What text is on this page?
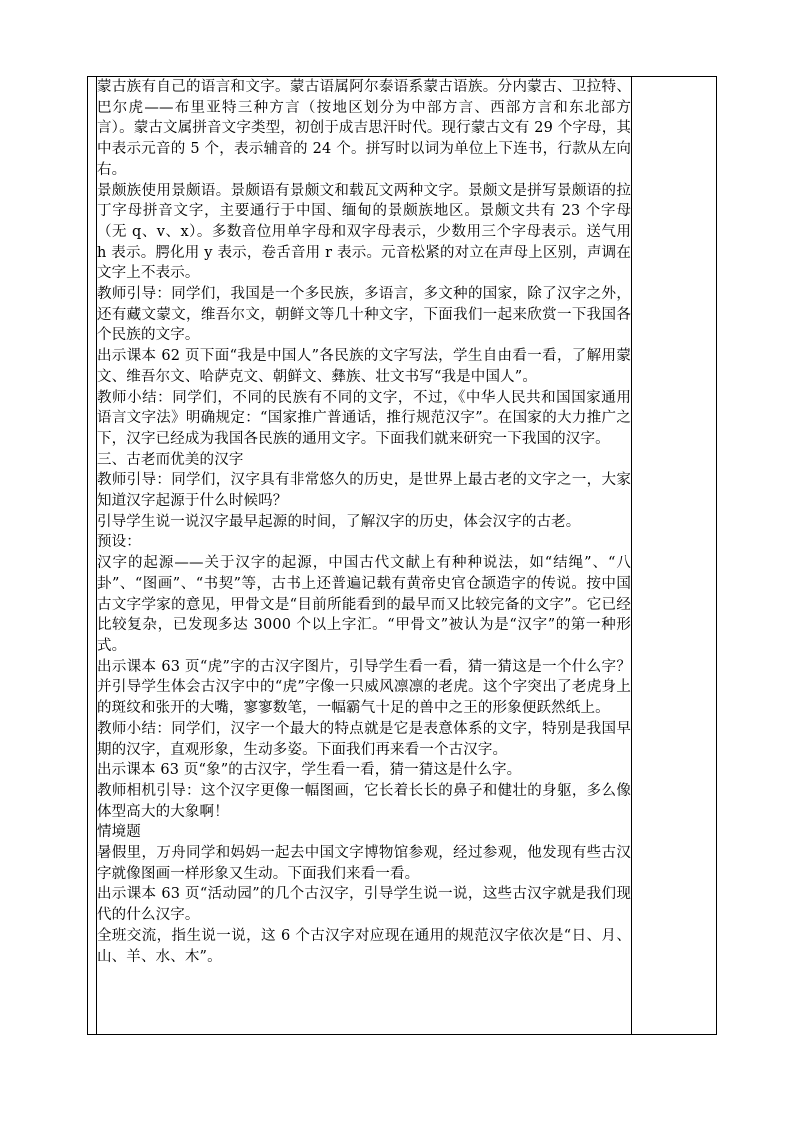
蒙古族有自己的语言和文字。蒙古语属阿尔泰语系蒙古语族。分内蒙古、卫拉特、巴尔虎——布里亚特三种方言（按地区划分为中部方言、西部方言和东北部方言）。蒙古文属拼音文字类型，初创于成吉思汗时代。现行蒙古文有 29 个字母，其中表示元音的 5 个，表示辅音的 24 个。拼写时以词为单位上下连书，行款从左向右。

景颇族使用景颇语。景颇语有景颇文和载瓦文两种文字。景颇文是拼写景颇语的拉丁字母拼音文字，主要通行于中国、缅甸的景颇族地区。景颇文共有 23 个字母（无 q、v、x）。多数音位用单字母和双字母表示，少数用三个字母表示。送气用 h 表示。腭化用 y 表示，卷舌音用 r 表示。元音松紧的对立在声母上区别，声调在文字上不表示。

教师引导：同学们，我国是一个多民族，多语言，多文种的国家，除了汉字之外，还有藏文蒙文，维吾尔文，朝鲜文等几十种文字，下面我们一起来欣赏一下我国各个民族的文字。

出示课本 62 页下面“我是中国人”各民族的文字写法，学生自由看一看，了解用蒙文、维吾尔文、哈萨克文、朝鲜文、彝族、壮文书写“我是中国人”。

教师小结：同学们，不同的民族有不同的文字，不过，《中华人民共和国国家通用语言文字法》明确规定：“国家推广普通话，推行规范汉字”。在国家的大力推广之下，汉字已经成为我国各民族的通用文字。下面我们就来研究一下我国的汉字。

三、古老而优美的汉字

教师引导：同学们，汉字具有非常悠久的历史，是世界上最古老的文字之一，大家知道汉字起源于什么时候吗？

引导学生说一说汉字最早起源的时间，了解汉字的历史，体会汉字的古老。

预设：

汉字的起源——关于汉字的起源，中国古代文献上有种种说法，如“结绳”、“八卦”、“图画”、“书契”等，古书上还普遍记载有黄帝史官仓颉造字的传说。按中国古文字学家的意见，甲骨文是“目前所能看到的最早而又比较完备的文字”。它已经比较复杂，已发现多达 3000 个以上字汇。“甲骨文”被认为是“汉字”的第一种形式。

出示课本 63 页“虎”字的古汉字图片，引导学生看一看，猜一猜这是一个什么字？并引导学生体会古汉字中的“虎”字像一只威风凛凛的老虎。这个字突出了老虎身上的斑纹和张开的大嘴，寥寥数笔，一幅霸气十足的兽中之王的形象便跃然纸上。

教师小结：同学们，汉字一个最大的特点就是它是表意体系的文字，特别是我国早期的汉字，直观形象，生动多姿。下面我们再来看一个古汉字。

出示课本 63 页“象”的古汉字，学生看一看，猜一猜这是什么字。

教师相机引导：这个汉字更像一幅图画，它长着长长的鼻子和健壮的身躯，多么像体型高大的大象啊！

情境题

暑假里，万舟同学和妈妈一起去中国文字博物馆参观，经过参观，他发现有些古汉字就像图画一样形象又生动。下面我们来看一看。

出示课本 63 页“活动园”的几个古汉字，引导学生说一说，这些古汉字就是我们现代的什么汉字。

全班交流，指生说一说，这 6 个古汉字对应现在通用的规范汉字依次是“日、月、山、羊、水、木”。
